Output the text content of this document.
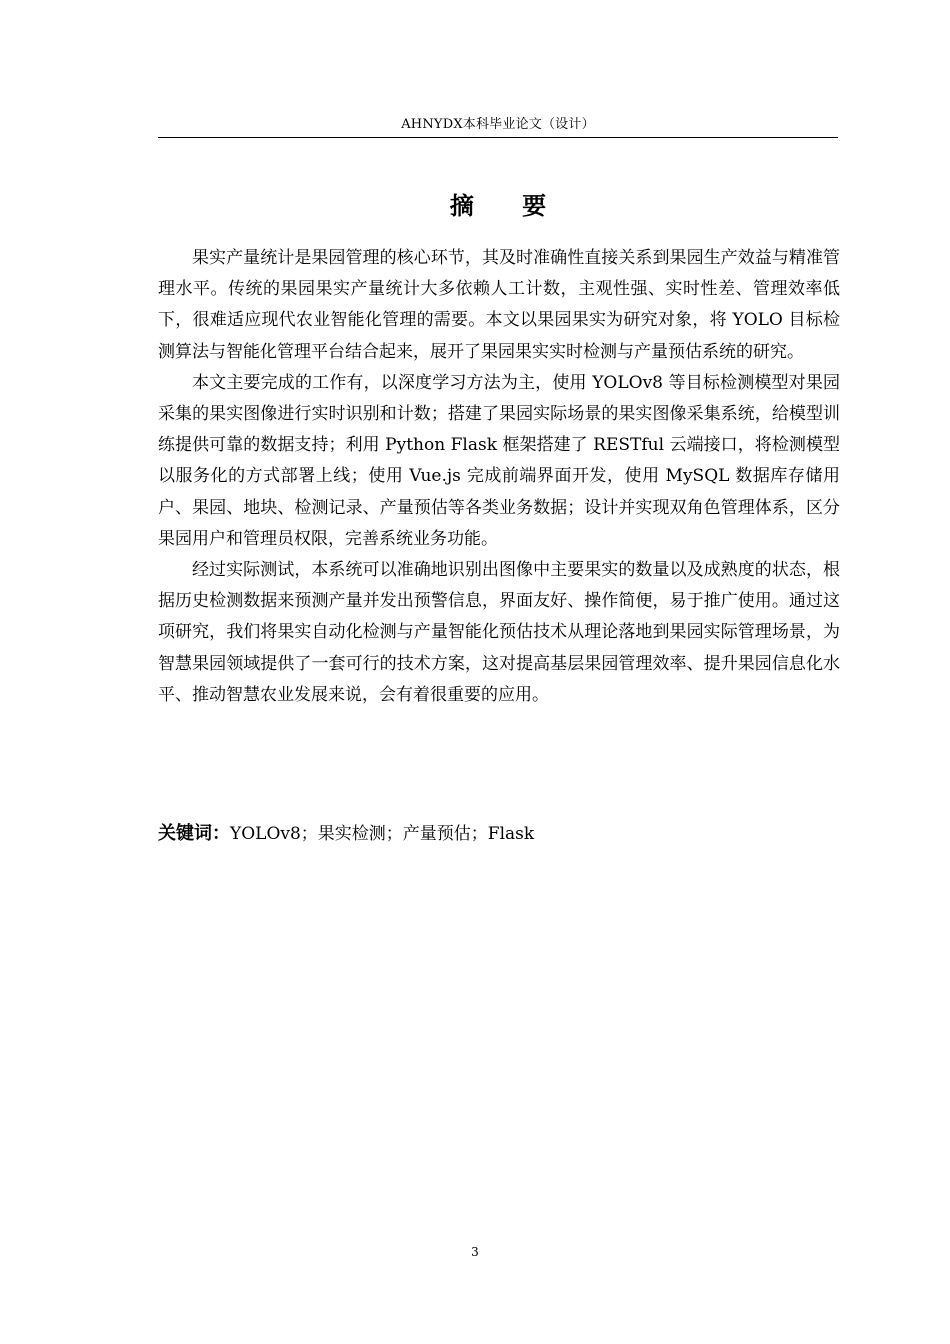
AHNYDX本科毕业论文（设计）
摘 要

果实产量统计是果园管理的核心环节，其及时准确性直接关系到果园生产效益与精准管理水平。传统的果园果实产量统计大多依赖人工计数，主观性强、实时性差、管理效率低下，很难适应现代农业智能化管理的需要。本文以果园果实为研究对象，将 YOLO 目标检测算法与智能化管理平台结合起来，展开了果园果实实时检测与产量预估系统的研究。

本文主要完成的工作有，以深度学习方法为主，使用 YOLOv8 等目标检测模型对果园采集的果实图像进行实时识别和计数；搭建了果园实际场景的果实图像采集系统，给模型训练提供可靠的数据支持；利用 Python Flask 框架搭建了 RESTful 云端接口，将检测模型以服务化的方式部署上线；使用 Vue.js 完成前端界面开发，使用 MySQL 数据库存储用户、果园、地块、检测记录、产量预估等各类业务数据；设计并实现双角色管理体系，区分果园用户和管理员权限，完善系统业务功能。

经过实际测试，本系统可以准确地识别出图像中主要果实的数量以及成熟度的状态，根据历史检测数据来预测产量并发出预警信息，界面友好、操作简便，易于推广使用。通过这项研究，我们将果实自动化检测与产量智能化预估技术从理论落地到果园实际管理场景，为智慧果园领域提供了一套可行的技术方案，这对提高基层果园管理效率、提升果园信息化水平、推动智慧农业发展来说，会有着很重要的应用。

关键词：YOLOv8；果实检测；产量预估；Flask
3
